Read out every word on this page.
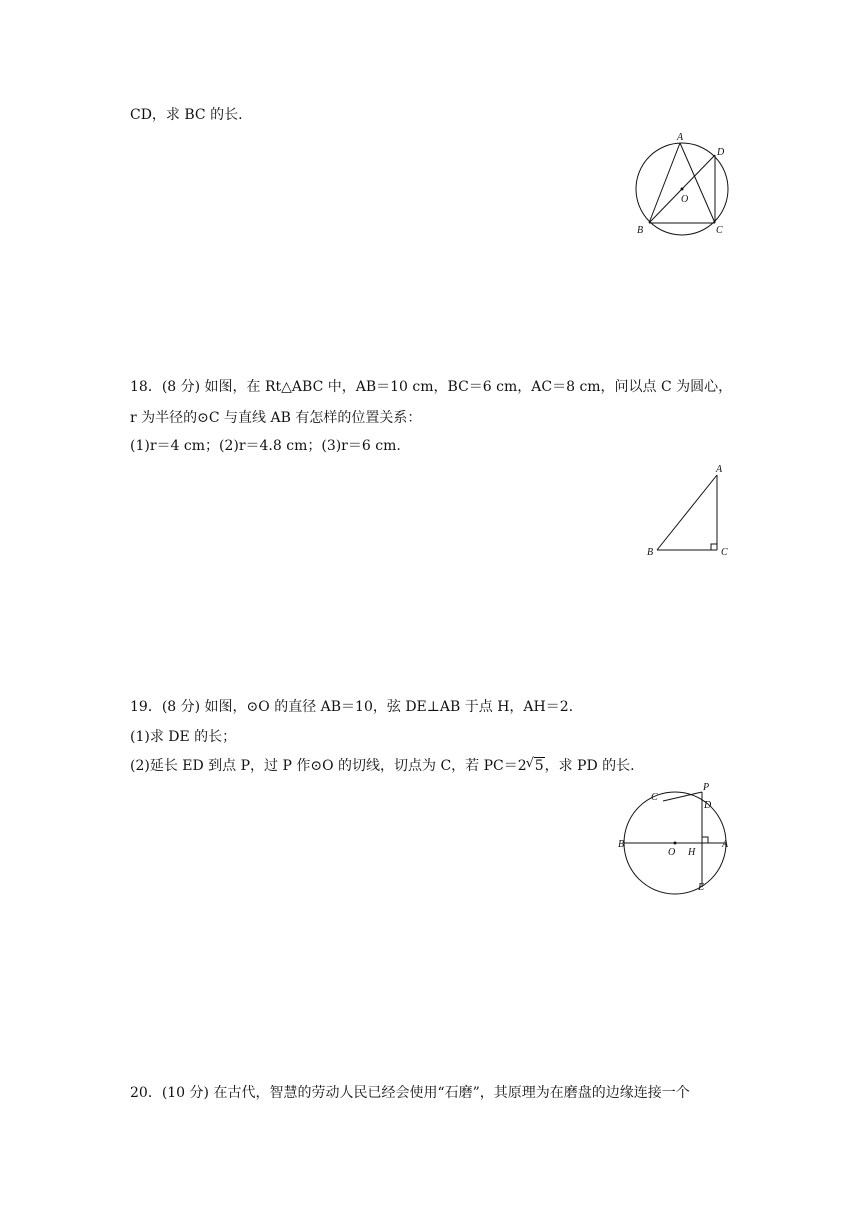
CD，求 BC 的长.
A
D
O
B	C
18．(8 分) 如图，在 Rt△ABC 中，AB＝10 cm，BC＝6 cm，AC＝8 cm，问以点 C 为圆心，
r 为半径的⊙C 与直线 AB 有怎样的位置关系：
(1)r＝4 cm；(2)r＝4.8 cm；(3)r＝6 cm.
A
B	C
19．(8 分) 如图，⊙O 的直径 AB＝10，弦 DE⊥AB 于点 H，AH＝2.
(1)求 DE 的长；
(2)延长 ED 到点 P，过 P 作⊙O 的切线，切点为 C，若 PC＝2√ 5，求 PD 的长.
P
C
D
B
O H
A
E
20．(10 分) 在古代，智慧的劳动人民已经会使用“石磨”，其原理为在磨盘的边缘连接一个
